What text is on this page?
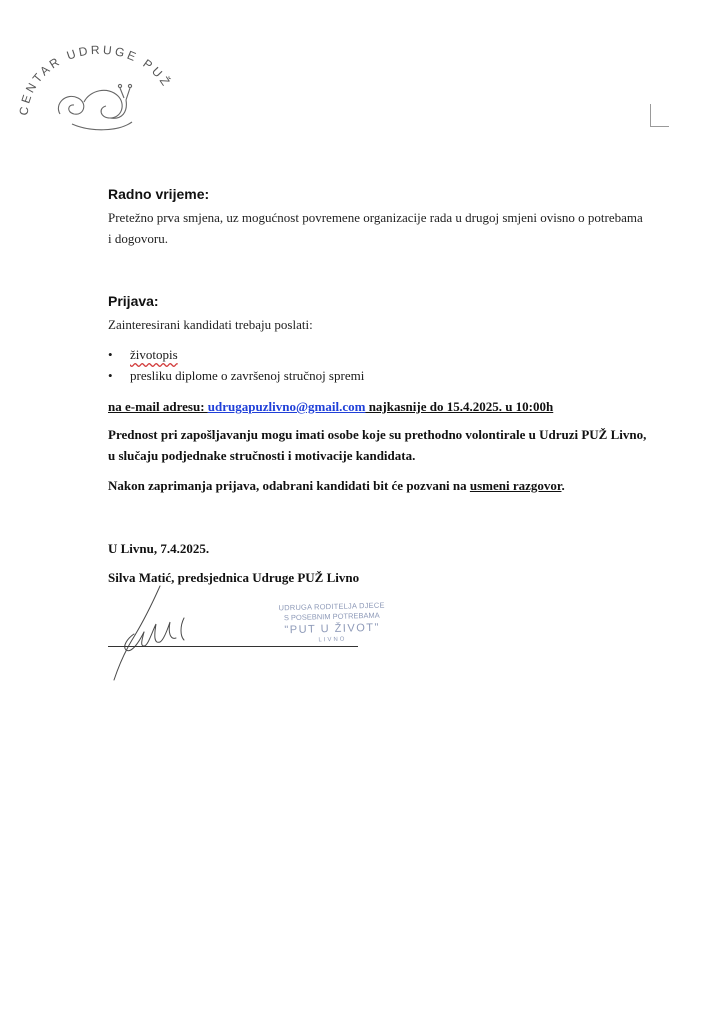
CENTAR UDRUGE PUŽ
Radno vrijeme:

Pretežno prva smjena, uz mogućnost povremene organizacije rada u drugoj smjeni ovisno o potrebama i dogovoru.

Prijava:

Zainteresirani kandidati trebaju poslati:

• životopis
• presliku diplome o završenoj stručnoj spremi

na e-mail adresu: udrugapuzlivno@gmail.com najkasnije do 15.4.2025. u 10:00h

Prednost pri zapošljavanju mogu imati osobe koje su prethodno volontirale u Udruzi PUŽ Livno, u slučaju podjednake stručnosti i motivacije kandidata.

Nakon zaprimanja prijava, odabrani kandidati bit će pozvani na usmeni razgovor.

U Livnu, 7.4.2025.

Silva Matić, predsjednica Udruge PUŽ Livno

UDRUGA RODITELJA DJECE
S POSEBNIM POTREBAMA
"PUT U ŽIVOT"
LIVNO
